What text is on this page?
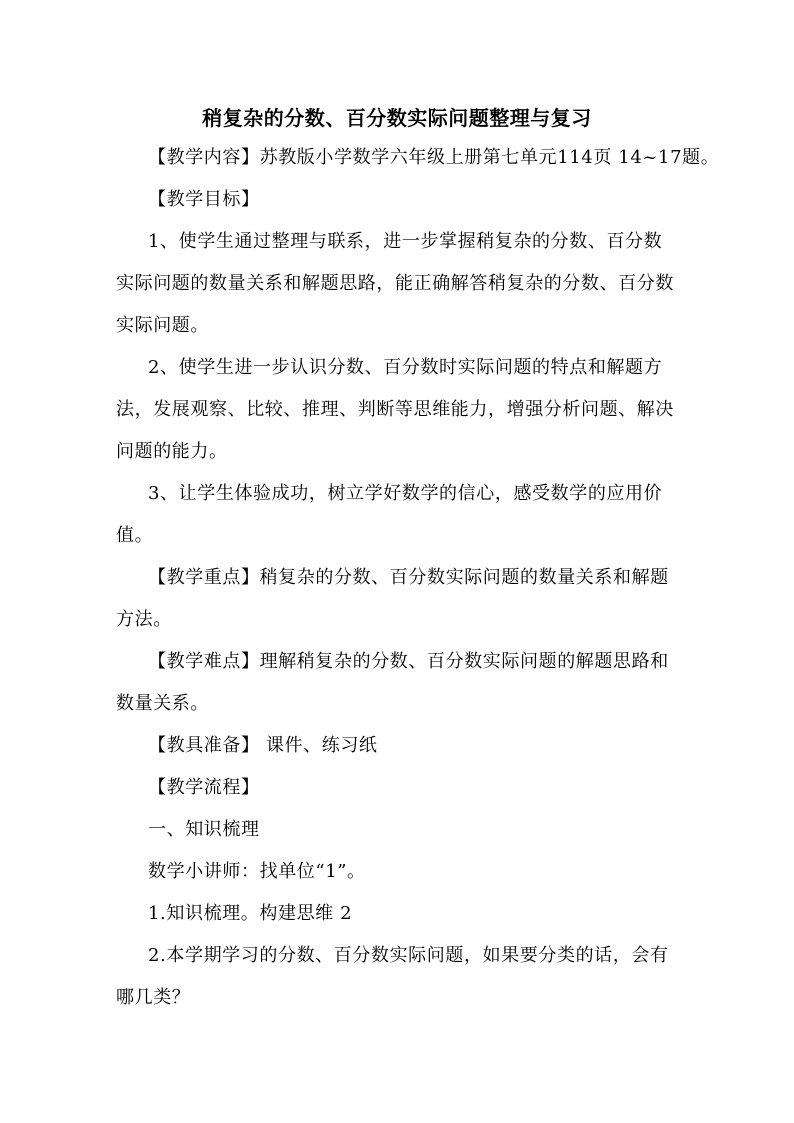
稍复杂的分数、百分数实际问题整理与复习
【教学内容】苏教版小学数学六年级上册第七单元114页 14~17题。
【教学目标】
1、使学生通过整理与联系，进一步掌握稍复杂的分数、百分数
实际问题的数量关系和解题思路，能正确解答稍复杂的分数、百分数
实际问题。
2、使学生进一步认识分数、百分数时实际问题的特点和解题方
法，发展观察、比较、推理、判断等思维能力，增强分析问题、解决
问题的能力。
3、让学生体验成功，树立学好数学的信心，感受数学的应用价
值。
【教学重点】稍复杂的分数、百分数实际问题的数量关系和解题
方法。
【教学难点】理解稍复杂的分数、百分数实际问题的解题思路和
数量关系。
【教具准备】 课件、练习纸
【教学流程】
一、知识梳理
数学小讲师：找单位“1”。
1.知识梳理。构建思维 2
2.本学期学习的分数、百分数实际问题，如果要分类的话，会有
哪几类？
